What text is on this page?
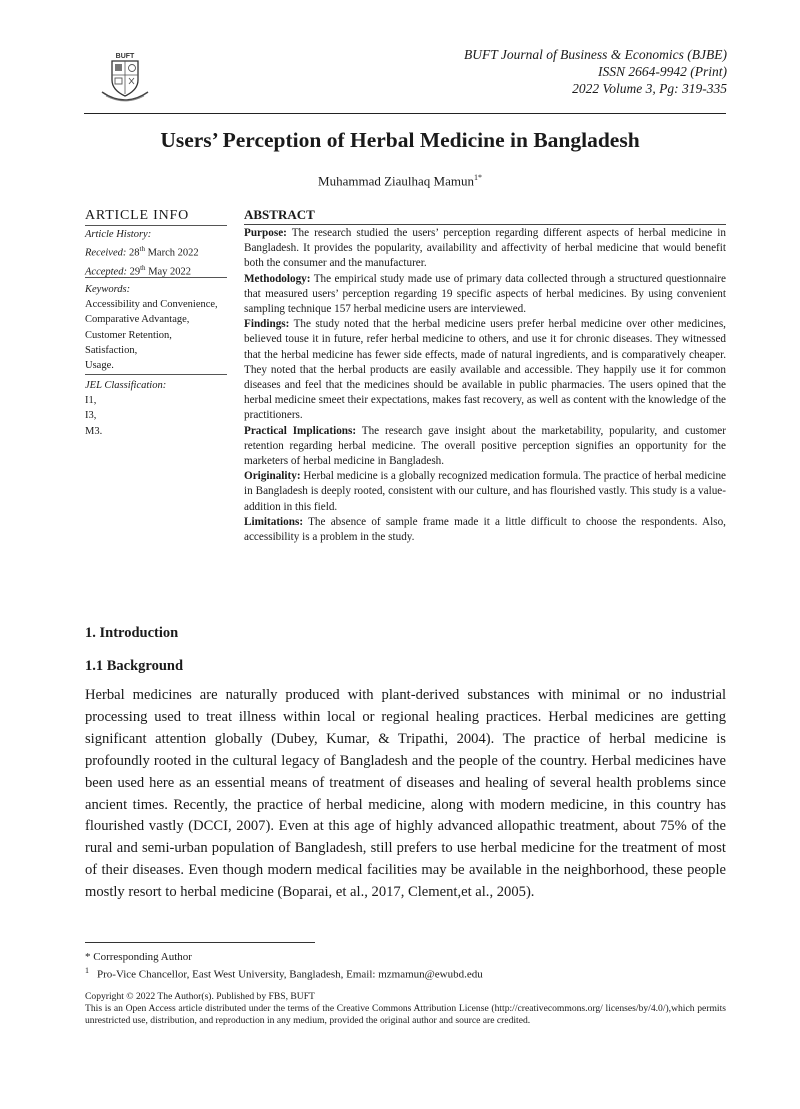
BUFT	BUFT Journal of Business & Economics (BJBE)
ISSN 2664-9942 (Print)
2022 Volume 3, Pg: 319-335
Users’ Perception of Herbal Medicine in Bangladesh
Muhammad Ziaulhaq Mamun$^{1*}$
ARTICLE INFO
Article History:
Received: 28th March 2022
Accepted: 29th May 2022
Keywords:
Accessibility and Convenience,
Comparative Advantage,
Customer Retention,
Satisfaction,
Usage.
JEL Classification:
I1,
I3,
M3.
ABSTRACT

Purpose: The research studied the users’ perception regarding different aspects of herbal medicine in Bangladesh. It provides the popularity, availability and affectivity of herbal medicine that would benefit both the consumer and the manufacturer.

Methodology: The empirical study made use of primary data collected through a structured questionnaire that measured users’ perception regarding 19 specific aspects of herbal medicines. By using convenient sampling technique 157 herbal medicine users are interviewed.

Findings: The study noted that the herbal medicine users prefer herbal medicine over other medicines, believed touse it in future, refer herbal medicine to others, and use it for chronic diseases. They witnessed that the herbal medicine has fewer side effects, made of natural ingredients, and is comparatively cheaper. They noted that the herbal products are easily available and accessible. They happily use it for common diseases and feel that the medicines should be available in public pharmacies. The users opined that the herbal medicine smeet their expectations, makes fast recovery, as well as content with the knowledge of the practitioners.

Practical Implications: The research gave insight about the marketability, popularity, and customer retention regarding herbal medicine. The overall positive perception signifies an opportunity for the marketers of herbal medicine in Bangladesh.

Originality: Herbal medicine is a globally recognized medication formula. The practice of herbal medicine in Bangladesh is deeply rooted, consistent with our culture, and has flourished vastly. This study is a value-addition in this field.

Limitations: The absence of sample frame made it a little difficult to choose the respondents. Also, accessibility is a problem in the study.

1. Introduction
1.1 Background
Herbal medicines are naturally produced with plant-derived substances with minimal or no industrial processing used to treat illness within local or regional healing practices. Herbal medicines are getting significant attention globally (Dubey, Kumar, & Tripathi, 2004). The practice of herbal medicine is profoundly rooted in the cultural legacy of Bangladesh and the people of the country. Herbal medicines have been used here as an essential means of treatment of diseases and healing of several health problems since ancient times. Recently, the practice of herbal medicine, along with modern medicine, in this country has flourished vastly (DCCI, 2007). Even at this age of highly advanced allopathic treatment, about 75% of the rural and semi-urban population of Bangladesh, still prefers to use herbal medicine for the treatment of most of their diseases. Even though modern medical facilities may be available in the neighborhood, these people mostly resort to herbal medicine (Boparai, et al., 2017, Clement,et al., 2005).
* Corresponding Author
$^1$ Pro-Vice Chancellor, East West University, Bangladesh, Email: mzmamun@ewubd.edu

Copyright © 2022 The Author(s). Published by FBS, BUFT

This is an Open Access article distributed under the terms of the Creative Commons Attribution License (http://creativecommons.org/ licenses/by/4.0/),which permits unrestricted use, distribution, and reproduction in any medium, provided the original author and source are credited.
